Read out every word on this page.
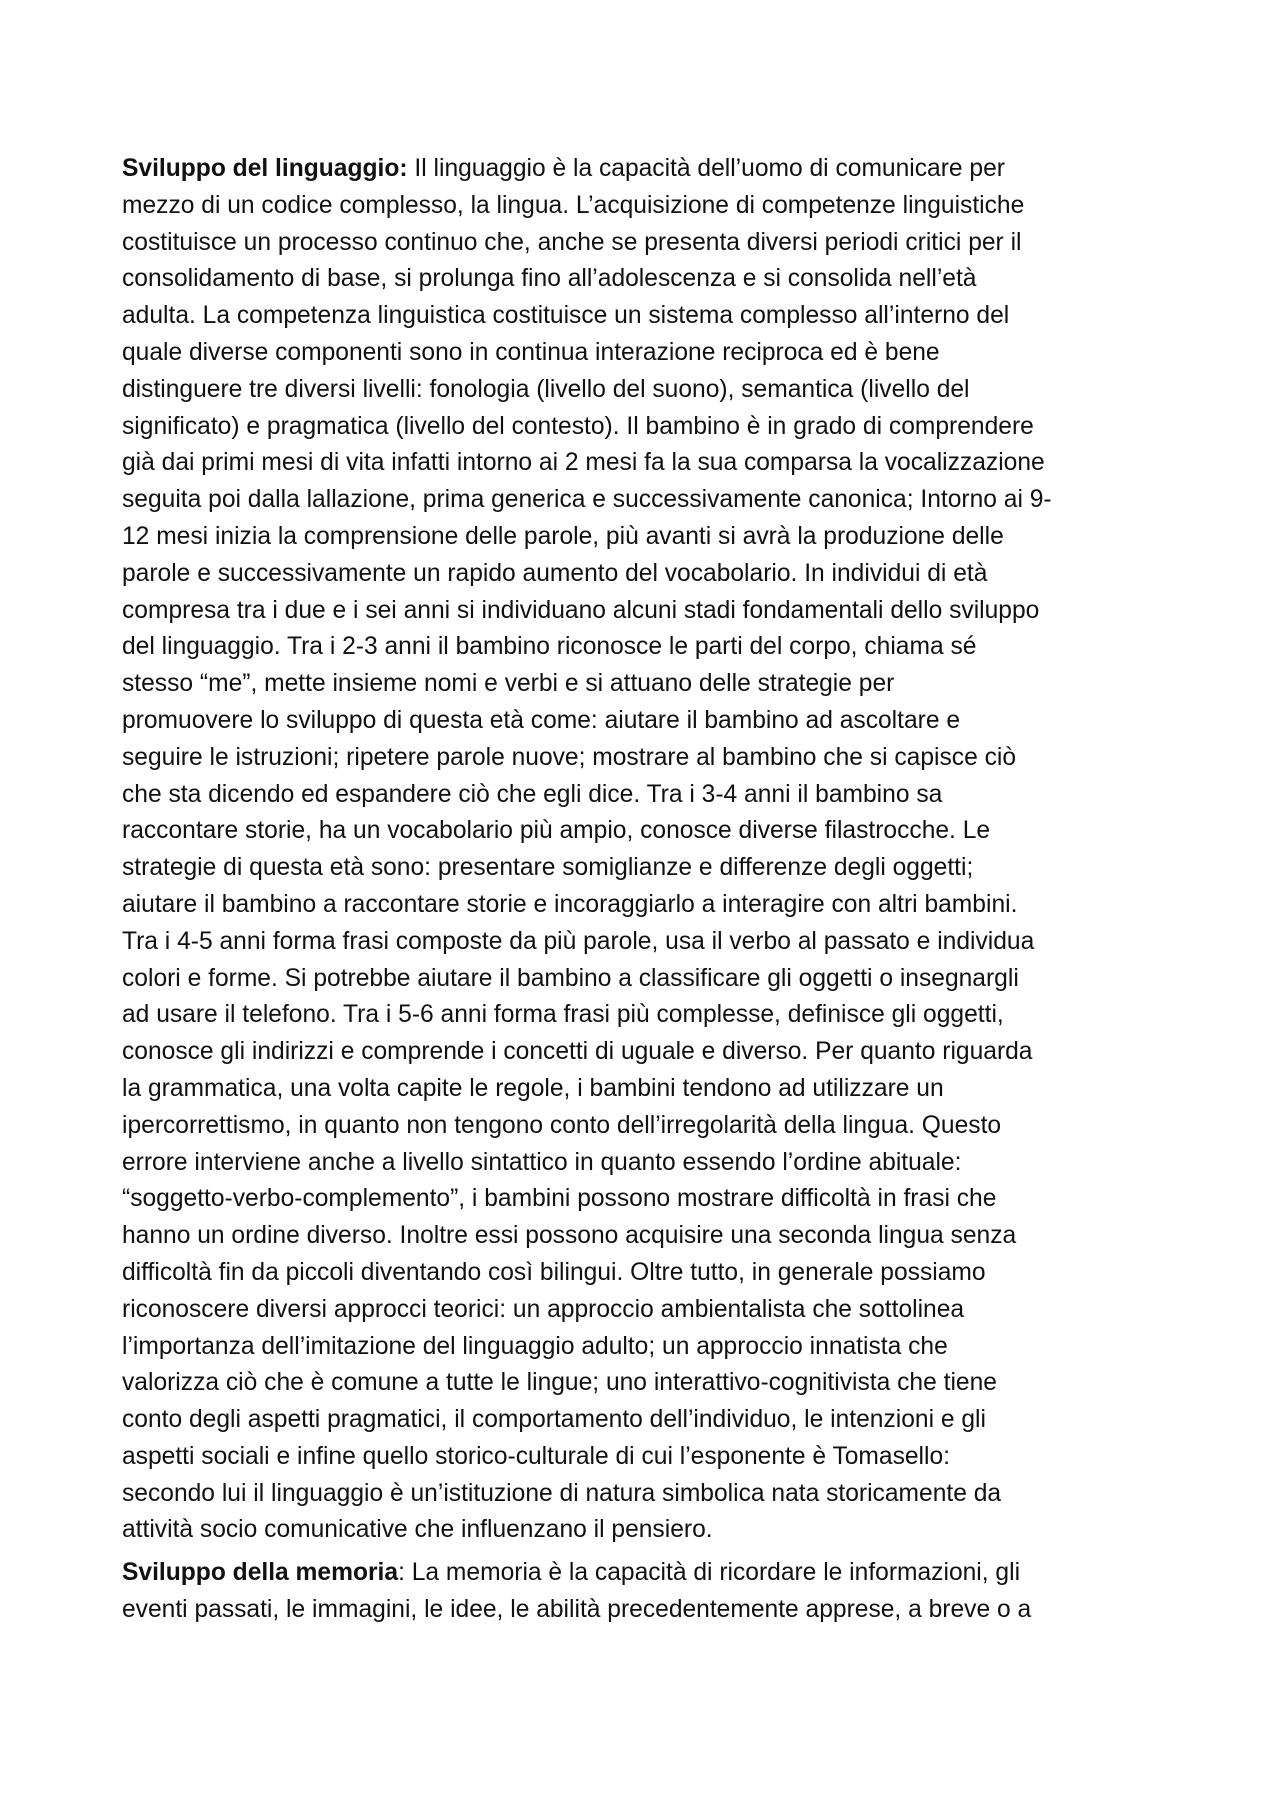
Sviluppo del linguaggio: Il linguaggio è la capacità dell’uomo di comunicare per
mezzo di un codice complesso, la lingua. L’acquisizione di competenze linguistiche
costituisce un processo continuo che, anche se presenta diversi periodi critici per il
consolidamento di base, si prolunga fino all’adolescenza e si consolida nell’età
adulta. La competenza linguistica costituisce un sistema complesso all’interno del
quale diverse componenti sono in continua interazione reciproca ed è bene
distinguere tre diversi livelli: fonologia (livello del suono), semantica (livello del
significato) e pragmatica (livello del contesto). Il bambino è in grado di comprendere
già dai primi mesi di vita infatti intorno ai 2 mesi fa la sua comparsa la vocalizzazione
seguita poi dalla lallazione, prima generica e successivamente canonica; Intorno ai 9-
12 mesi inizia la comprensione delle parole, più avanti si avrà la produzione delle
parole e successivamente un rapido aumento del vocabolario. In individui di età
compresa tra i due e i sei anni si individuano alcuni stadi fondamentali dello sviluppo
del linguaggio. Tra i 2-3 anni il bambino riconosce le parti del corpo, chiama sé
stesso “me”, mette insieme nomi e verbi e si attuano delle strategie per
promuovere lo sviluppo di questa età come: aiutare il bambino ad ascoltare e
seguire le istruzioni; ripetere parole nuove; mostrare al bambino che si capisce ciò
che sta dicendo ed espandere ciò che egli dice. Tra i 3-4 anni il bambino sa
raccontare storie, ha un vocabolario più ampio, conosce diverse filastrocche. Le
strategie di questa età sono: presentare somiglianze e differenze degli oggetti;
aiutare il bambino a raccontare storie e incoraggiarlo a interagire con altri bambini.
Tra i 4-5 anni forma frasi composte da più parole, usa il verbo al passato e individua
colori e forme. Si potrebbe aiutare il bambino a classificare gli oggetti o insegnargli
ad usare il telefono. Tra i 5-6 anni forma frasi più complesse, definisce gli oggetti,
conosce gli indirizzi e comprende i concetti di uguale e diverso. Per quanto riguarda
la grammatica, una volta capite le regole, i bambini tendono ad utilizzare un
ipercorrettismo, in quanto non tengono conto dell’irregolarità della lingua. Questo
errore interviene anche a livello sintattico in quanto essendo l’ordine abituale:
“soggetto-verbo-complemento”, i bambini possono mostrare difficoltà in frasi che
hanno un ordine diverso. Inoltre essi possono acquisire una seconda lingua senza
difficoltà fin da piccoli diventando così bilingui. Oltre tutto, in generale possiamo
riconoscere diversi approcci teorici: un approccio ambientalista che sottolinea
l’importanza dell’imitazione del linguaggio adulto; un approccio innatista che
valorizza ciò che è comune a tutte le lingue; uno interattivo-cognitivista che tiene
conto degli aspetti pragmatici, il comportamento dell’individuo, le intenzioni e gli
aspetti sociali e infine quello storico-culturale di cui l’esponente è Tomasello:
secondo lui il linguaggio è un’istituzione di natura simbolica nata storicamente da
attività socio comunicative che influenzano il pensiero.
Sviluppo della memoria: La memoria è la capacità di ricordare le informazioni, gli
eventi passati, le immagini, le idee, le abilità precedentemente apprese, a breve o a
